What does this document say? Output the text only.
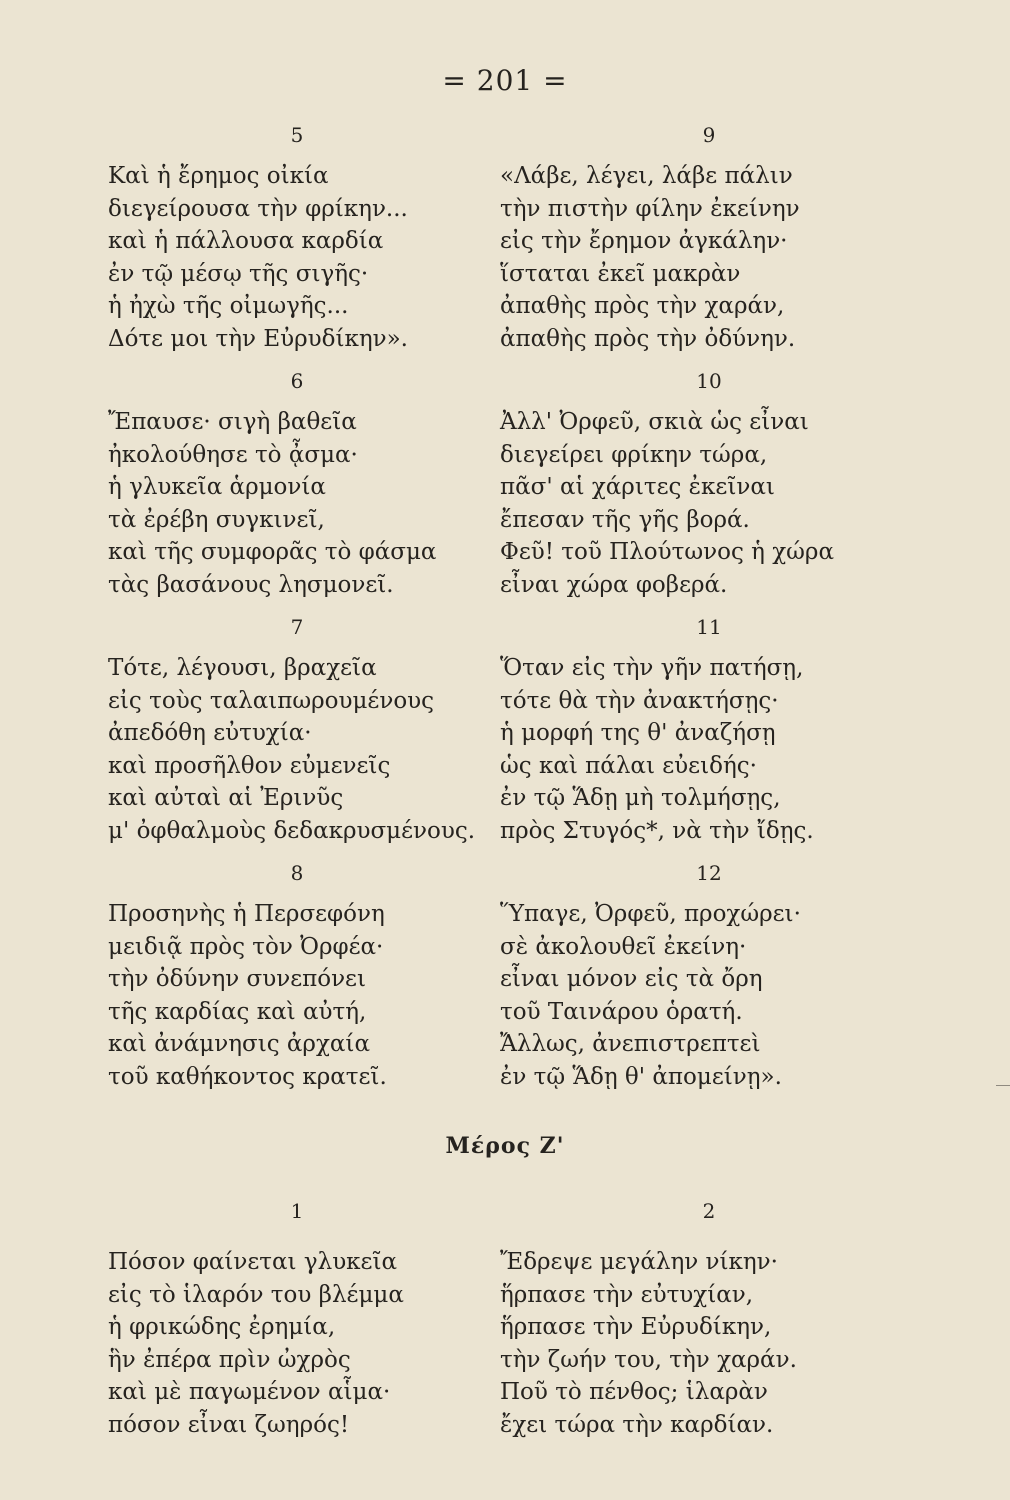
= 201 =
5
Καὶ ἡ ἔρημος οἰκία
διεγείρουσα τὴν φρίκην...
καὶ ἡ πάλλουσα καρδία
ἐν τῷ μέσῳ τῆς σιγῆς·
ἡ ἠχὼ τῆς οἰμωγῆς...
Δότε μοι τὴν Εὐρυδίκην».
6
Ἔπαυσε· σιγὴ βαθεῖα
ἠκολούθησε τὸ ᾆσμα·
ἡ γλυκεῖα ἁρμονία
τὰ ἐρέβη συγκινεῖ,
καὶ τῆς συμφορᾶς τὸ φάσμα
τὰς βασάνους λησμονεῖ.
7
Τότε, λέγουσι, βραχεῖα
εἰς τοὺς ταλαιπωρουμένους
ἀπεδόθη εὐτυχία·
καὶ προσῆλθον εὐμενεῖς
καὶ αὐταὶ αἱ Ἐρινῦς
μ' ὀφθαλμοὺς δεδακρυσμένους.
8
Προσηνὴς ἡ Περσεφόνη
μειδιᾷ πρὸς τὸν Ὀρφέα·
τὴν ὀδύνην συνεπόνει
τῆς καρδίας καὶ αὐτή,
καὶ ἀνάμνησις ἀρχαία
τοῦ καθήκοντος κρατεῖ.
1
Πόσον φαίνεται γλυκεῖα
εἰς τὸ ἱλαρόν του βλέμμα
ἡ φρικώδης ἐρημία,
ἣν ἐπέρα πρὶν ὠχρὸς
καὶ μὲ παγωμένον αἷμα·
πόσον εἶναι ζωηρός!
9
«Λάβε, λέγει, λάβε πάλιν
τὴν πιστὴν φίλην ἐκείνην
εἰς τὴν ἔρημον ἀγκάλην·
ἵσταται ἐκεῖ μακρὰν
ἀπαθὴς πρὸς τὴν χαράν,
ἀπαθὴς πρὸς τὴν ὀδύνην.
10
Ἀλλ' Ὀρφεῦ, σκιὰ ὡς εἶναι
διεγείρει φρίκην τώρα,
πᾶσ' αἱ χάριτες ἐκεῖναι
ἔπεσαν τῆς γῆς βορά.
Φεῦ! τοῦ Πλούτωνος ἡ χώρα
εἶναι χώρα φοβερά.
11
Ὅταν εἰς τὴν γῆν πατήσῃ,
τότε θὰ τὴν ἀνακτήσῃς·
ἡ μορφή της θ' ἀναζήσῃ
ὡς καὶ πάλαι εὐειδής·
ἐν τῷ Ἅδῃ μὴ τολμήσῃς,
πρὸς Στυγός*, νὰ τὴν ἴδῃς.
12
Ὕπαγε, Ὀρφεῦ, προχώρει·
σὲ ἀκολουθεῖ ἐκείνη·
εἶναι μόνον εἰς τὰ ὄρη
τοῦ Ταινάρου ὁρατή.
Ἄλλως, ἀνεπιστρεπτεὶ
ἐν τῷ Ἅδῃ θ' ἀπομείνῃ».
2
Ἔδρεψε μεγάλην νίκην·
ἥρπασε τὴν εὐτυχίαν,
ἥρπασε τὴν Εὐρυδίκην,
τὴν ζωήν του, τὴν χαράν.
Ποῦ τὸ πένθος; ἱλαρὰν
ἔχει τώρα τὴν καρδίαν.
Μέρος Ζ'
